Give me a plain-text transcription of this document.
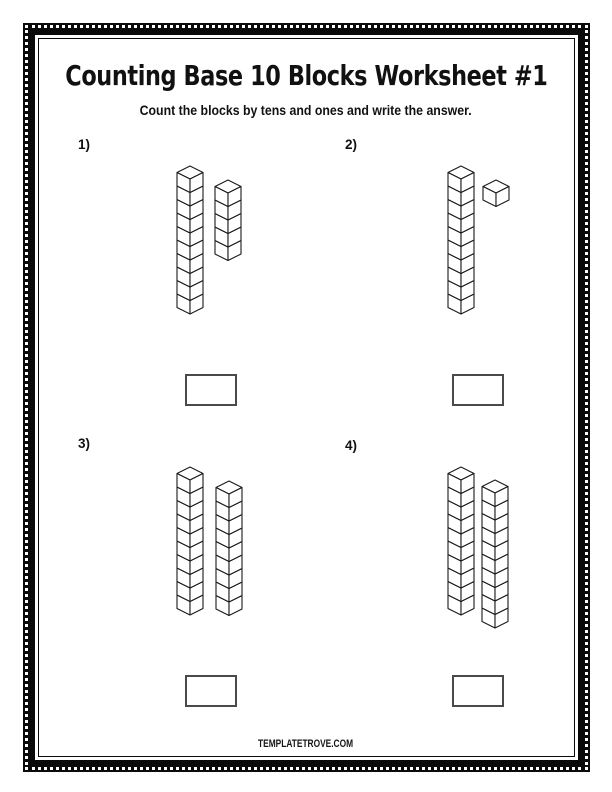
Counting Base 10 Blocks Worksheet #1

Count the blocks by tens and ones and write the answer.

1)	2)
3)	4)
TEMPLATETROVE.COM
